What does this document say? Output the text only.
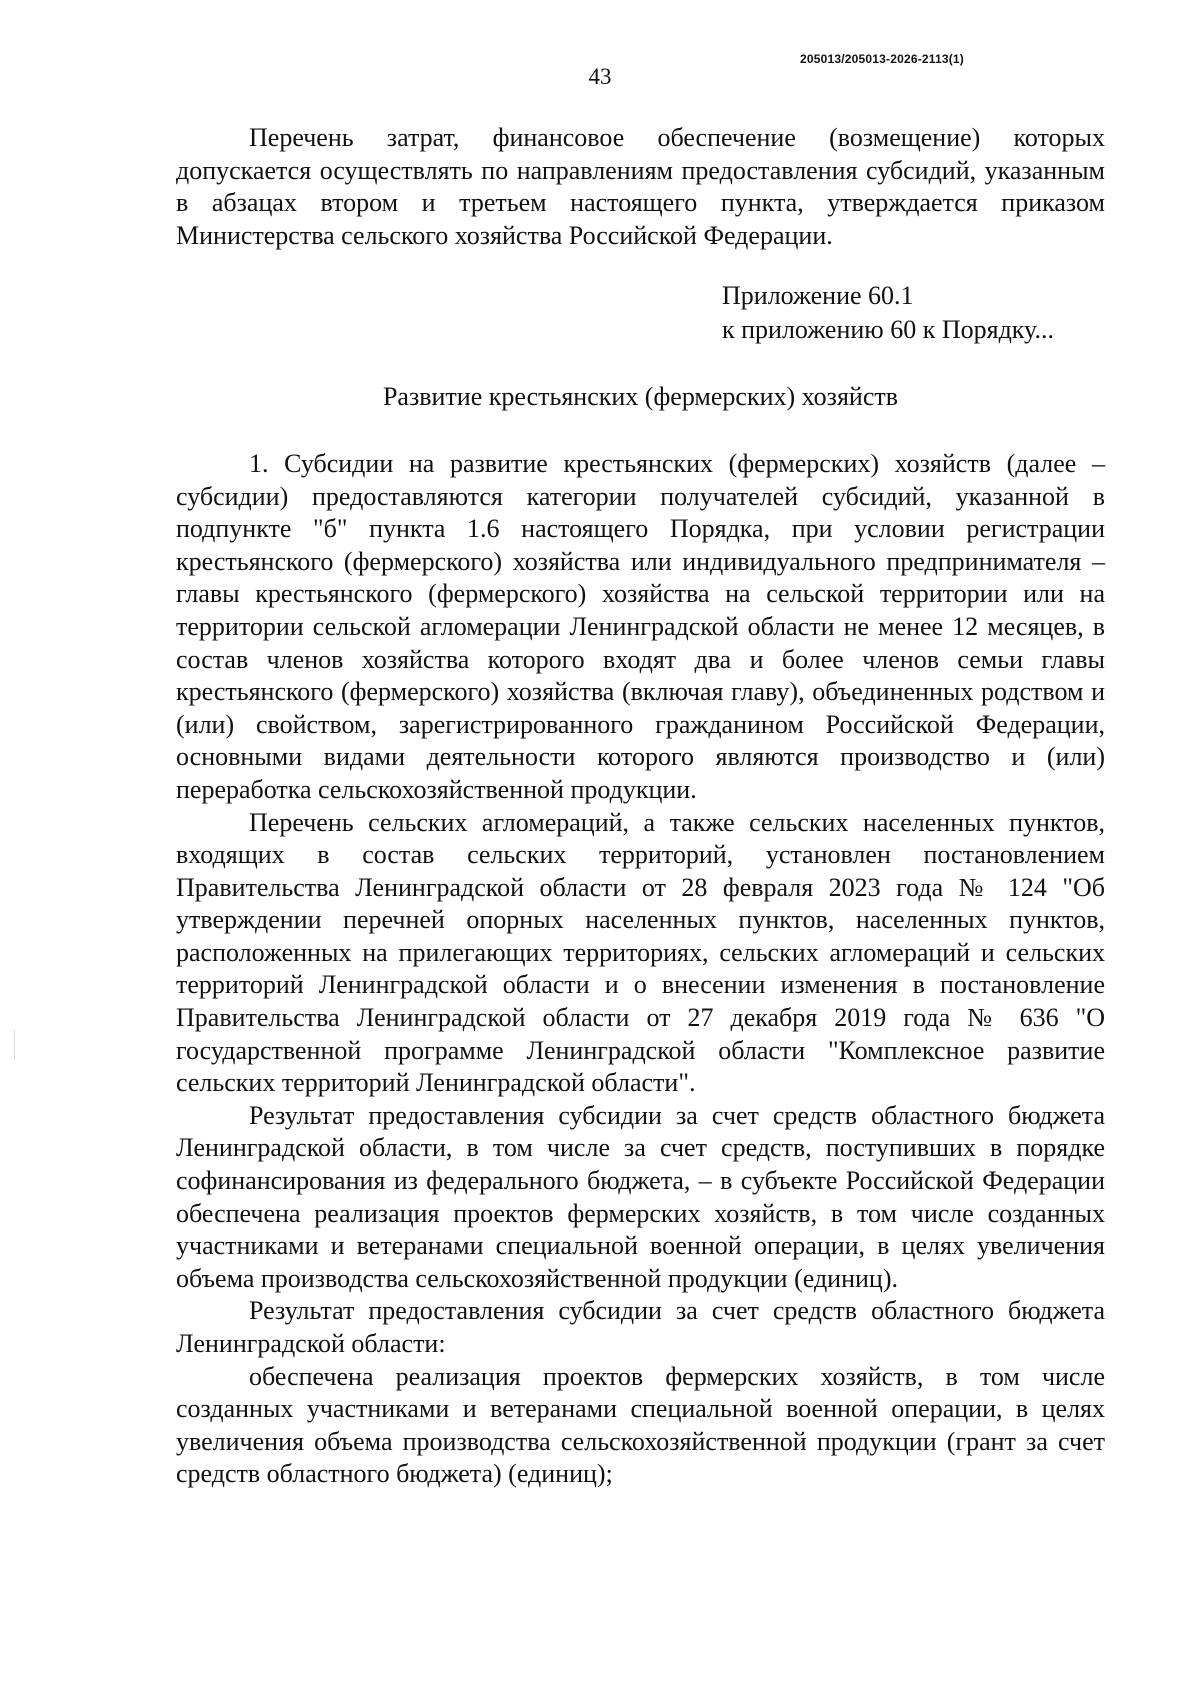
205013/205013-2026-2113(1)
43

Перечень затрат, финансовое обеспечение (возмещение) которых допускается осуществлять по направлениям предоставления субсидий, указанным в абзацах втором и третьем настоящего пункта, утверждается приказом Министерства сельского хозяйства Российской Федерации.

Приложение 60.1
к приложению 60 к Порядку...
Развитие крестьянских (фермерских) хозяйств

1. Субсидии на развитие крестьянских (фермерских) хозяйств (далее – субсидии) предоставляются категории получателей субсидий, указанной в подпункте "б" пункта 1.6 настоящего Порядка, при условии регистрации крестьянского (фермерского) хозяйства или индивидуального предпринимателя – главы крестьянского (фермерского) хозяйства на сельской территории или на территории сельской агломерации Ленинградской области не менее 12 месяцев, в состав членов хозяйства которого входят два и более членов семьи главы крестьянского (фермерского) хозяйства (включая главу), объединенных родством и (или) свойством, зарегистрированного гражданином Российской Федерации, основными видами деятельности которого являются производство и (или) переработка сельскохозяйственной продукции.

Перечень сельских агломераций, а также сельских населенных пунктов, входящих в состав сельских территорий, установлен постановлением Правительства Ленинградской области от 28 февраля 2023 года № 124 "Об утверждении перечней опорных населенных пунктов, населенных пунктов, расположенных на прилегающих территориях, сельских агломераций и сельских территорий Ленинградской области и о внесении изменения в постановление Правительства Ленинградской области от 27 декабря 2019 года № 636 "О государственной программе Ленинградской области "Комплексное развитие сельских территорий Ленинградской области".

Результат предоставления субсидии за счет средств областного бюджета Ленинградской области, в том числе за счет средств, поступивших в порядке софинансирования из федерального бюджета, – в субъекте Российской Федерации обеспечена реализация проектов фермерских хозяйств, в том числе созданных участниками и ветеранами специальной военной операции, в целях увеличения объема производства сельскохозяйственной продукции (единиц).

Результат предоставления субсидии за счет средств областного бюджета Ленинградской области:

обеспечена реализация проектов фермерских хозяйств, в том числе созданных участниками и ветеранами специальной военной операции, в целях увеличения объема производства сельскохозяйственной продукции (грант за счет средств областного бюджета) (единиц);
